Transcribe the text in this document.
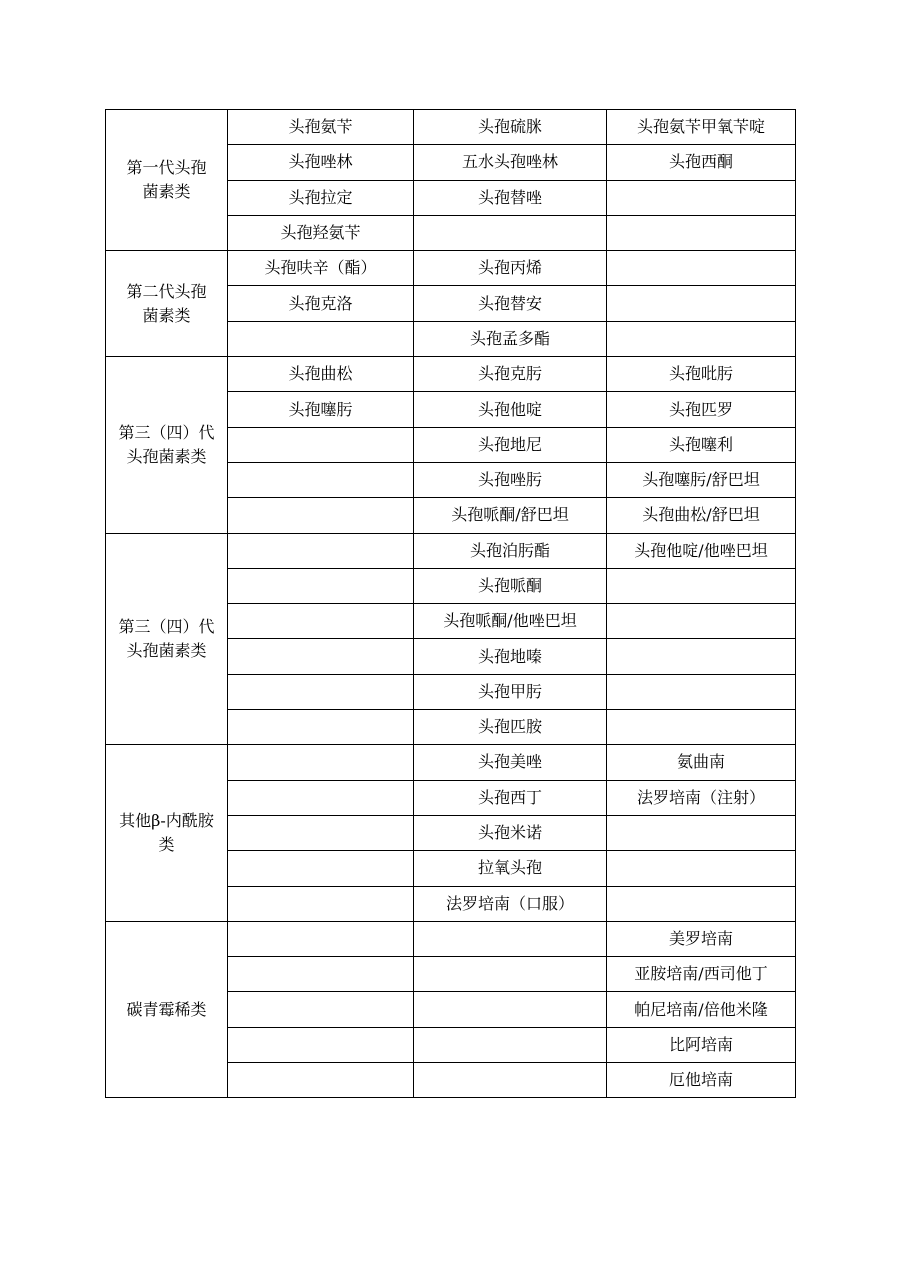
第一代头孢
菌素类	头孢氨苄	头孢硫脒	头孢氨苄甲氧苄啶
	头孢唑林	五水头孢唑林	头孢西酮
	头孢拉定	头孢替唑	
	头孢羟氨苄		
第二代头孢
菌素类	头孢呋辛（酯）	头孢丙烯	
	头孢克洛	头孢替安	
		头孢孟多酯	
第三（四）代
头孢菌素类	头孢曲松	头孢克肟	头孢吡肟
	头孢噻肟	头孢他啶	头孢匹罗
		头孢地尼	头孢噻利
		头孢唑肟	头孢噻肟/舒巴坦
		头孢哌酮/舒巴坦	头孢曲松/舒巴坦
第三（四）代
头孢菌素类		头孢泊肟酯	头孢他啶/他唑巴坦
		头孢哌酮	
		头孢哌酮/他唑巴坦	
		头孢地嗪	
		头孢甲肟	
		头孢匹胺	
其他β-内酰胺
类		头孢美唑	氨曲南
		头孢西丁	法罗培南（注射）
		头孢米诺	
		拉氧头孢	
		法罗培南（口服）	
碳青霉稀类			美罗培南
			亚胺培南/西司他丁
			帕尼培南/倍他米隆
			比阿培南
			厄他培南
